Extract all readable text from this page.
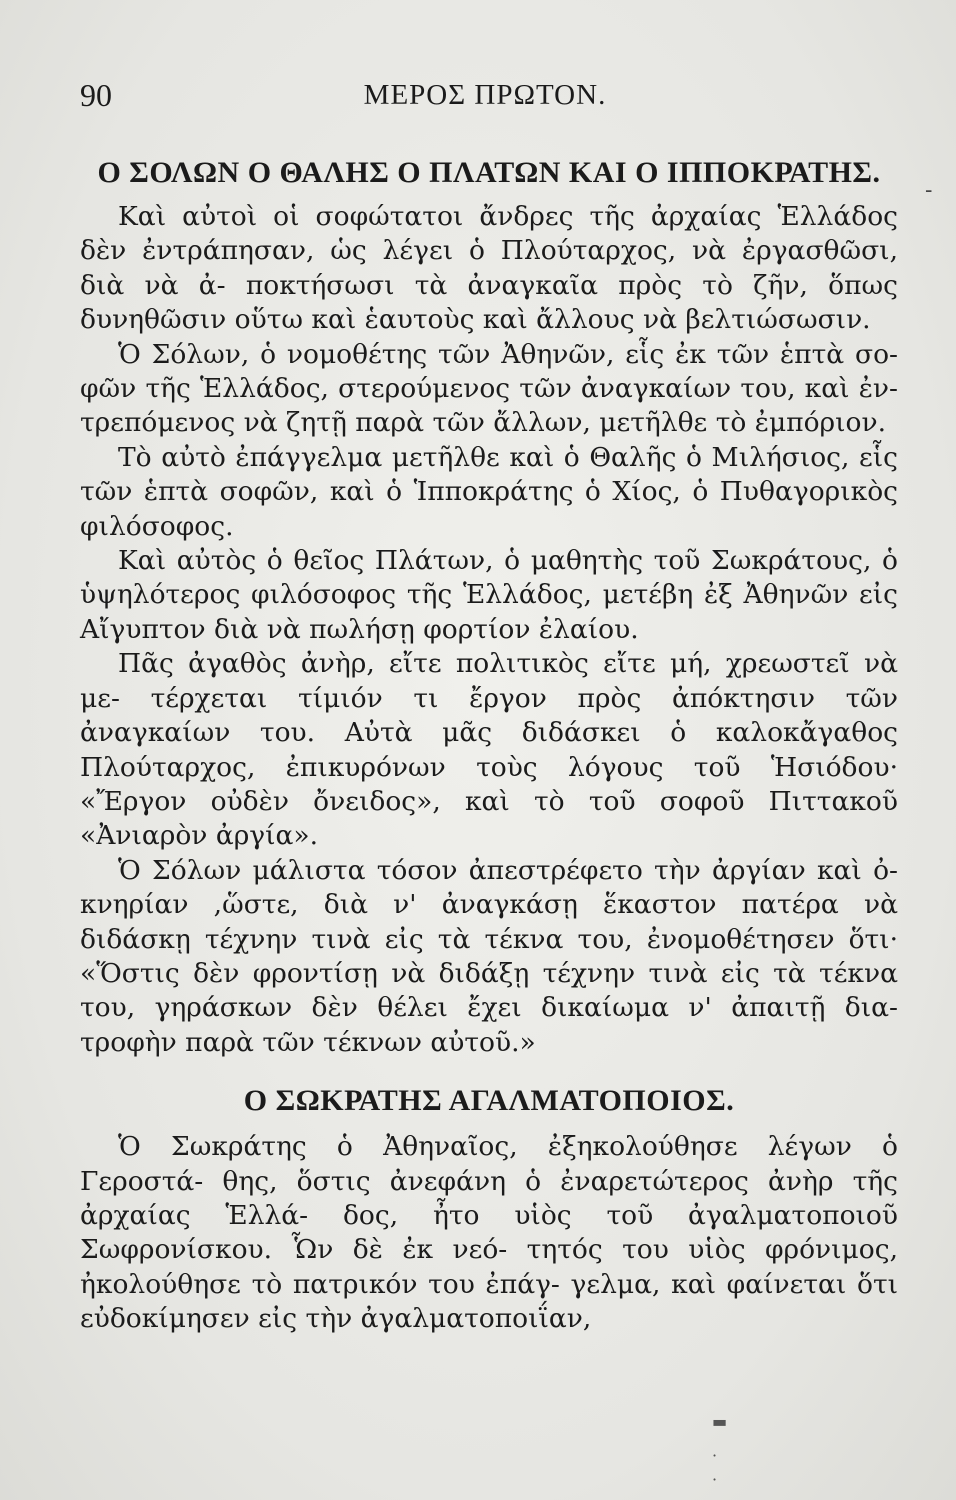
90	ΜΕΡΟΣ ΠΡΩΤΟΝ.
-
Ο ΣΟΛΩΝ Ο ΘΑΛΗΣ Ο ΠΛΑΤΩΝ ΚΑΙ Ο ΙΠΠΟΚΡΑΤΗΣ.

Καὶ αὐτοὶ οἱ σοφώτατοι ἄνδρες τῆς ἀρχαίας Ἑλλάδος δὲν ἐντράπησαν, ὡς λέγει ὁ Πλούταρχος, νὰ ἐργασθῶσι, διὰ νὰ ἀ- ποκτήσωσι τὰ ἀναγκαῖα πρὸς τὸ ζῆν, ὅπως δυνηθῶσιν οὕτω καὶ ἑαυτοὺς καὶ ἄλλους νὰ βελτιώσωσιν.

Ὁ Σόλων, ὁ νομοθέτης τῶν Ἀθηνῶν, εἷς ἐκ τῶν ἑπτὰ σο- φῶν τῆς Ἑλλάδος, στερούμενος τῶν ἀναγκαίων του, καὶ ἐν- τρεπόμενος νὰ ζητῇ παρὰ τῶν ἄλλων, μετῆλθε τὸ ἐμπόριον.

Τὸ αὐτὸ ἐπάγγελμα μετῆλθε καὶ ὁ Θαλῆς ὁ Μιλήσιος, εἷς τῶν ἑπτὰ σοφῶν, καὶ ὁ Ἱπποκράτης ὁ Χίος, ὁ Πυθαγορικὸς φιλόσοφος.

Καὶ αὐτὸς ὁ θεῖος Πλάτων, ὁ μαθητὴς τοῦ Σωκράτους, ὁ ὑψηλότερος φιλόσοφος τῆς Ἑλλάδος, μετέβη ἐξ Ἀθηνῶν εἰς Αἴγυπτον διὰ νὰ πωλήσῃ φορτίον ἐλαίου.

Πᾶς ἀγαθὸς ἀνὴρ, εἴτε πολιτικὸς εἴτε μή, χρεωστεῖ νὰ με- τέρχεται τίμιόν τι ἔργον πρὸς ἀπόκτησιν τῶν ἀναγκαίων του. Αὐτὰ μᾶς διδάσκει ὁ καλοκἄγαθος Πλούταρχος, ἐπικυρόνων τοὺς λόγους τοῦ Ἡσιόδου· «Ἔργον οὐδὲν ὄνειδος», καὶ τὸ τοῦ σοφοῦ Πιττακοῦ «Ἀνιαρὸν ἀργία».

Ὁ Σόλων μάλιστα τόσον ἀπεστρέφετο τὴν ἀργίαν καὶ ὀ- κνηρίαν ,ὥστε, διὰ ν' ἀναγκάσῃ ἕκαστον πατέρα νὰ διδάσκῃ τέχνην τινὰ εἰς τὰ τέκνα του, ἐνομοθέτησεν ὅτι· «Ὅστις δὲν φροντίσῃ νὰ διδάξῃ τέχνην τινὰ εἰς τὰ τέκνα του, γηράσκων δὲν θέλει ἔχει δικαίωμα ν' ἀπαιτῇ δια- τροφὴν παρὰ τῶν τέκνων αὐτοῦ.»

Ο ΣΩΚΡΑΤΗΣ ΑΓΑΛΜΑΤΟΠΟΙΟΣ.

Ὁ Σωκράτης ὁ Ἀθηναῖος, ἐξηκολούθησε λέγων ὁ Γεροστά- θης, ὅστις ἀνεφάνη ὁ ἐναρετώτερος ἀνὴρ τῆς ἀρχαίας Ἑλλά- δος, ἦτο υἱὸς τοῦ ἀγαλματοποιοῦ Σωφρονίσκου. Ὧν δὲ ἐκ νεό- τητός του υἱὸς φρόνιμος, ἠκολούθησε τὸ πατρικόν του ἐπάγ- γελμα, καὶ φαίνεται ὅτι εὐδοκίμησεν εἰς τὴν ἀγαλματοποιΐαν,

▬
·
·
